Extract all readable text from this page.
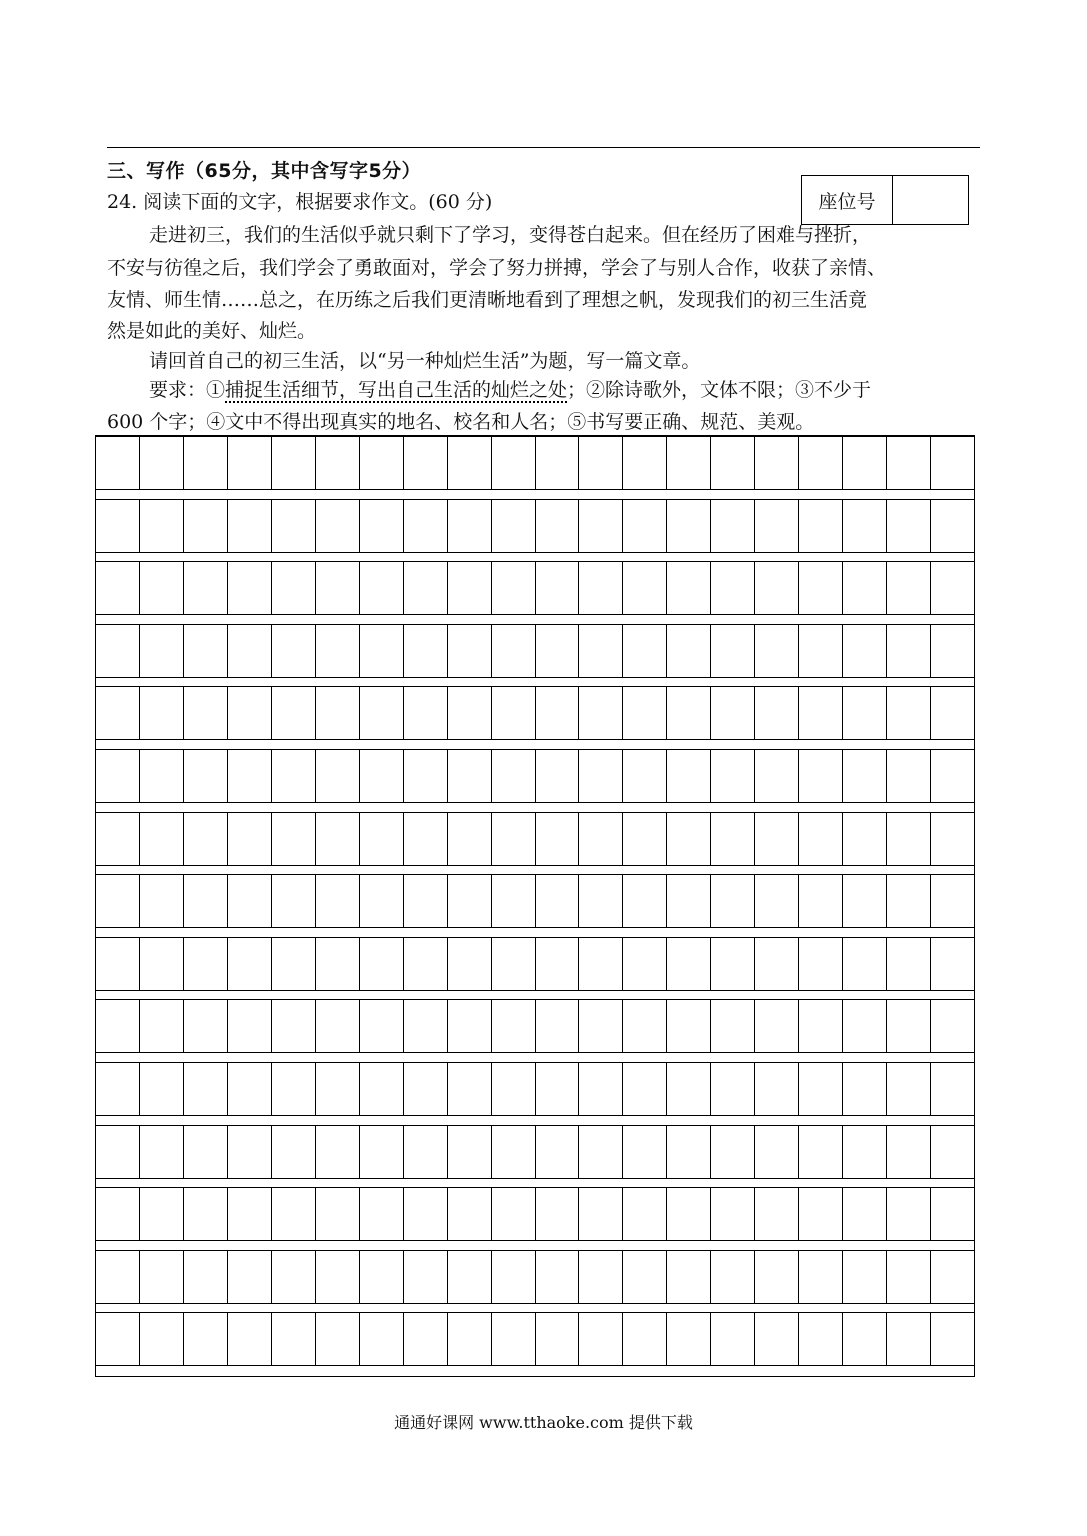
三、写作（65分，其中含写字5分）
座位号
24. 阅读下面的文字，根据要求作文。(60 分)
走进初三，我们的生活似乎就只剩下了学习，变得苍白起来。但在经历了困难与挫折，
不安与彷徨之后，我们学会了勇敢面对，学会了努力拼搏，学会了与别人合作，收获了亲情、
友情、师生情……总之，在历练之后我们更清晰地看到了理想之帆，发现我们的初三生活竟
然是如此的美好、灿烂。
请回首自己的初三生活，以“另一种灿烂生活”为题，写一篇文章。
要求：①捕捉生活细节，写出自己生活的灿烂之处；②除诗歌外，文体不限；③不少于
600 个字；④文中不得出现真实的地名、校名和人名；⑤书写要正确、规范、美观。
通通好课网 www.tthaoke.com 提供下载
